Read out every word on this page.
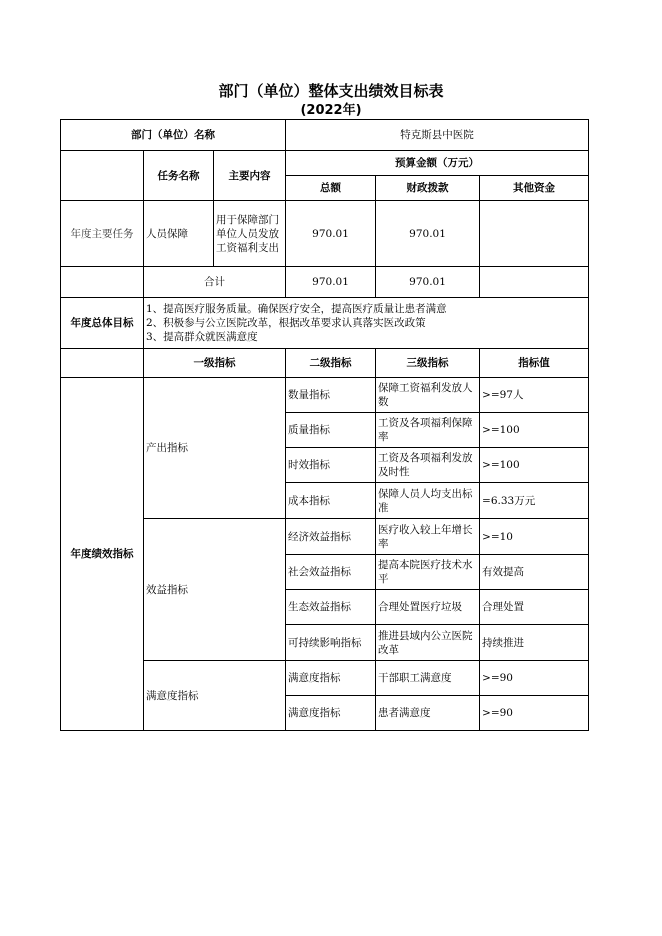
部门（单位）整体支出绩效目标表
(2022年)
部门（单位）名称			特克斯县中医院		
	任务名称	主要内容	预算金额（万元）		
			总额	财政拨款	其他资金
年度主要任务	人员保障	用于保障部门单位人员发放工资福利支出	970.01	970.01	
	合计		970.01	970.01	
年度总体目标	1、提高医疗服务质量。确保医疗安全，提高医疗质量让患者满意
2、积极参与公立医院改革，根据改革要求认真落实医改政策
3、提高群众就医满意度				

	一级指标		二级指标	三级指标	指标值
年度绩效指标	产出指标		数量指标	保障工资福利发放人数	>=97人
			质量指标	工资及各项福利保障率	>=100
			时效指标	工资及各项福利发放及时性	>=100
			成本指标	保障人员人均支出标准	=6.33万元
	效益指标		经济效益指标	医疗收入较上年增长率	>=10
			社会效益指标	提高本院医疗技术水平	有效提高
			生态效益指标	合理处置医疗垃圾	合理处置
			可持续影响指标	推进县域内公立医院改革	持续推进
	满意度指标		满意度指标	干部职工满意度	>=90
			满意度指标	患者满意度	>=90
